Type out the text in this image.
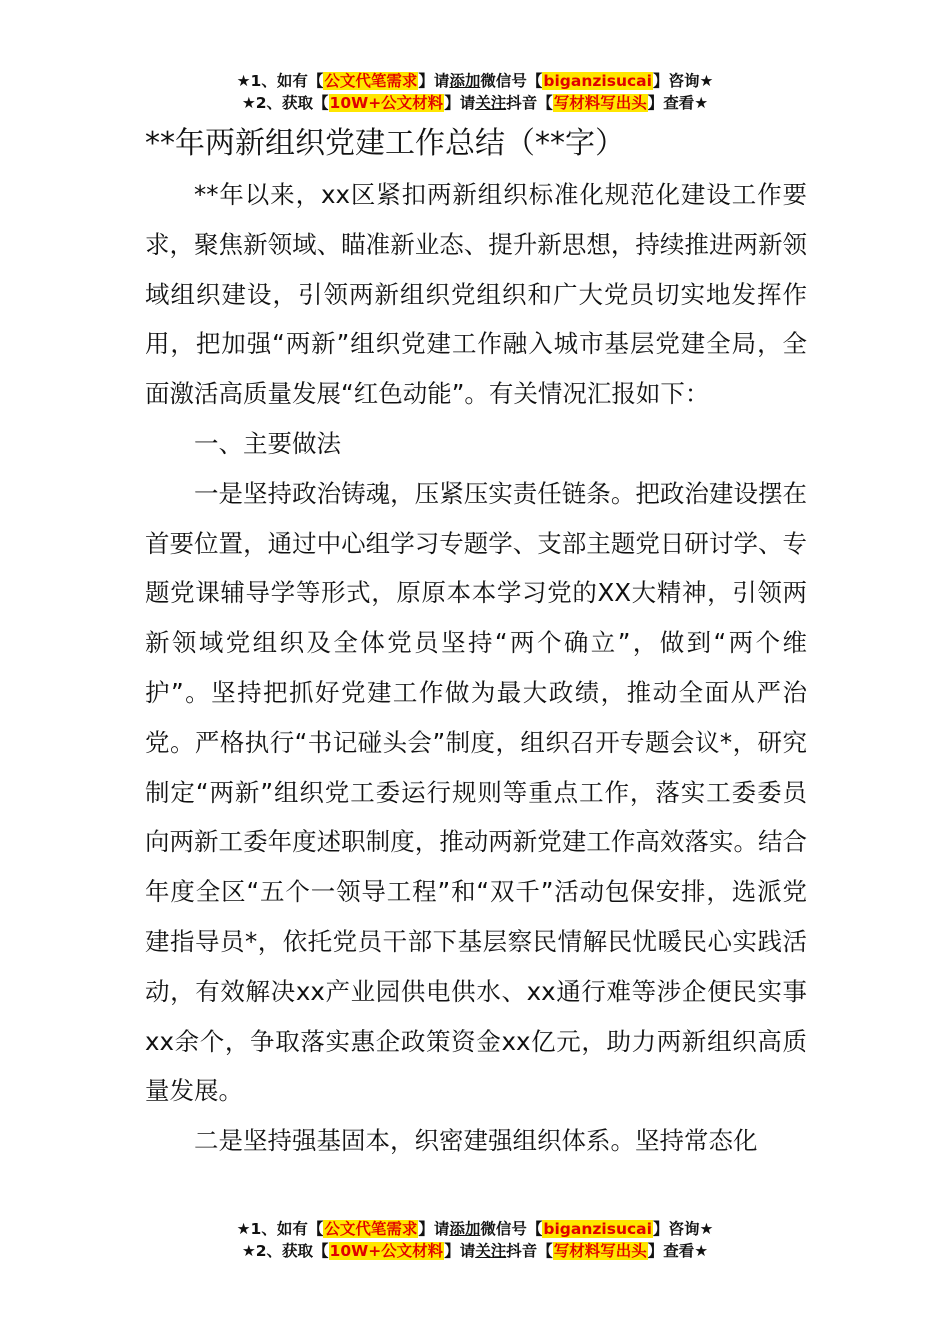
★1、如有【公文代笔需求】请添加微信号【biganzisucai】咨询★
★2、获取【10W+公文材料】请关注抖音【写材料写出头】查看★
**年两新组织党建工作总结（**字）

**年以来，xx区紧扣两新组织标准化规范化建设工作要求，聚焦新领域、瞄准新业态、提升新思想，持续推进两新领域组织建设，引领两新组织党组织和广大党员切实地发挥作用，把加强“两新”组织党建工作融入城市基层党建全局，全面激活高质量发展“红色动能”。有关情况汇报如下：

一、主要做法

一是坚持政治铸魂，压紧压实责任链条。把政治建设摆在首要位置，通过中心组学习专题学、支部主题党日研讨学、专题党课辅导学等形式，原原本本学习党的XX大精神，引领两新领域党组织及全体党员坚持“两个确立”，做到“两个维护”。坚持把抓好党建工作做为最大政绩，推动全面从严治党。严格执行“书记碰头会”制度，组织召开专题会议*，研究制定“两新”组织党工委运行规则等重点工作，落实工委委员向两新工委年度述职制度，推动两新党建工作高效落实。结合年度全区“五个一领导工程”和“双千”活动包保安排，选派党建指导员*，依托党员干部下基层察民情解民忧暖民心实践活动，有效解决xx产业园供电供水、xx通行难等涉企便民实事xx余个，争取落实惠企政策资金xx亿元，助力两新组织高质量发展。

二是坚持强基固本，织密建强组织体系。坚持常态化

★1、如有【公文代笔需求】请添加微信号【biganzisucai】咨询★
★2、获取【10W+公文材料】请关注抖音【写材料写出头】查看★
